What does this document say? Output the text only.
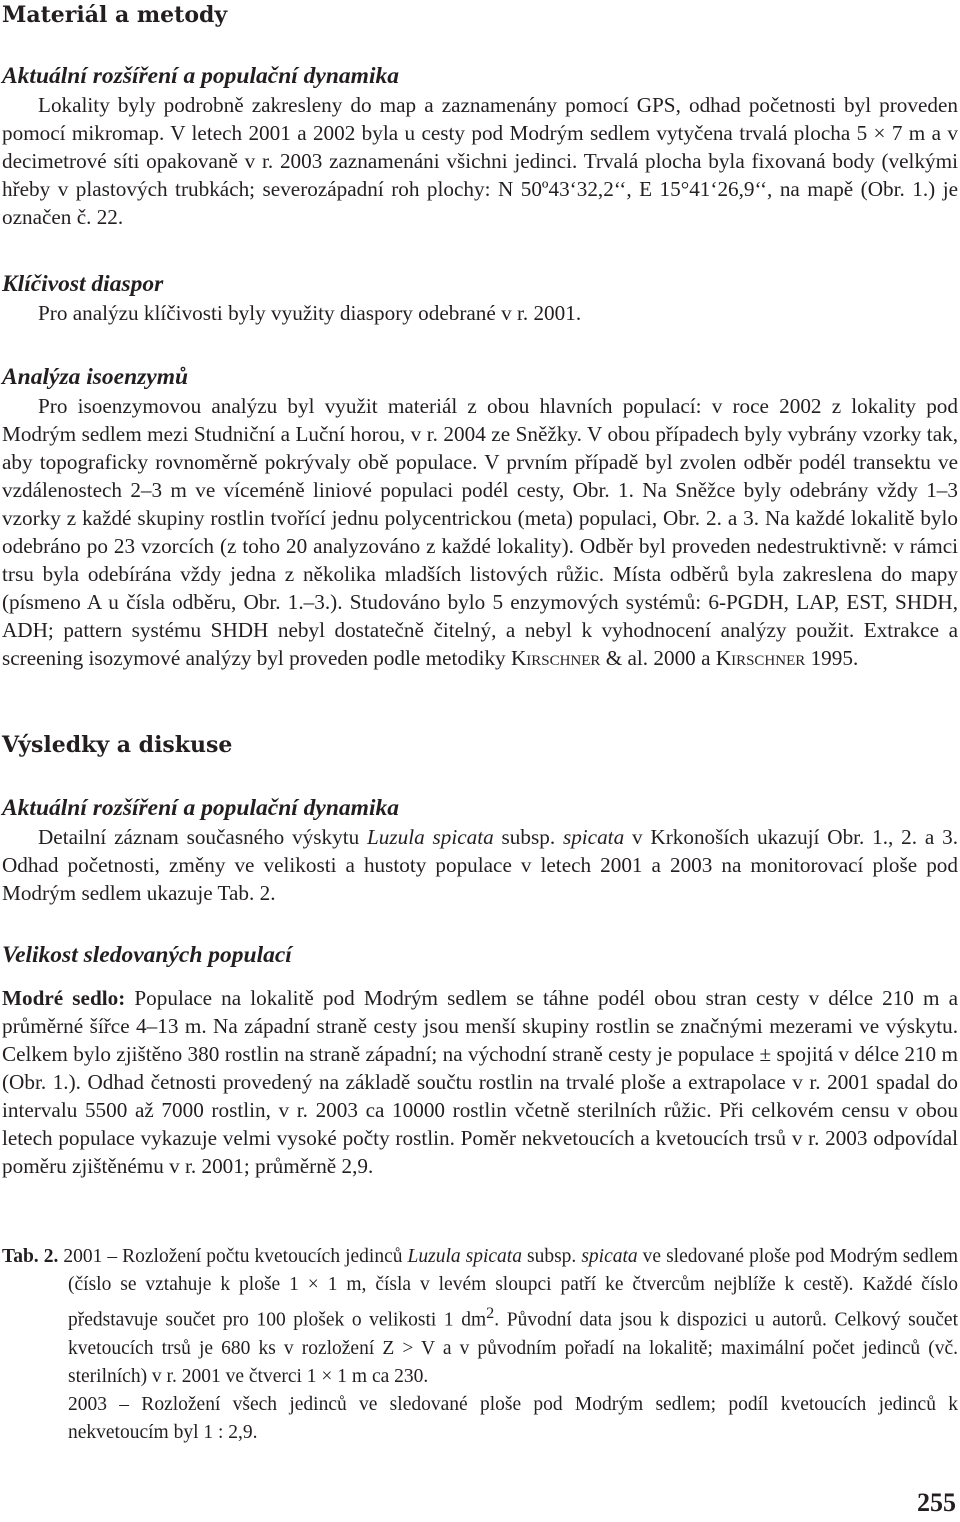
Materiál a metody
Aktuální rozšíření a populační dynamika

Lokality byly podrobně zakresleny do map a zaznamenány pomocí GPS, odhad početnosti byl proveden pomocí mikromap. V letech 2001 a 2002 byla u cesty pod Modrým sedlem vytyčena trvalá plocha 5 × 7 m a v decimetrové síti opakovaně v r. 2003 zaznamenáni všichni jedinci. Trvalá plocha byla fixovaná body (velkými hřeby v plastových trubkách; severozápadní roh plochy: N 50º43‘32,2‘‘, E 15°41‘26,9‘‘, na mapě (Obr. 1.) je označen č. 22.

Klíčivost diaspor

Pro analýzu klíčivosti byly využity diaspory odebrané v r. 2001.

Analýza isoenzymů

Pro isoenzymovou analýzu byl využit materiál z obou hlavních populací: v roce 2002 z lokality pod Modrým sedlem mezi Studniční a Luční horou, v r. 2004 ze Sněžky. V obou případech byly vybrány vzorky tak, aby topograficky rovnoměrně pokrývaly obě populace. V prvním případě byl zvolen odběr podél transektu ve vzdálenostech 2–3 m ve víceméně liniové populaci podél cesty, Obr. 1. Na Sněžce byly odebrány vždy 1–3 vzorky z každé skupiny rostlin tvořící jednu polycentrickou (meta) populaci, Obr. 2. a 3. Na každé lokalitě bylo odebráno po 23 vzorcích (z toho 20 analyzováno z každé lokality). Odběr byl proveden nedestruktivně: v rámci trsu byla odebírána vždy jedna z několika mladších listových růžic. Místa odběrů byla zakreslena do mapy (písmeno A u čísla odběru, Obr. 1.–3.). Studováno bylo 5 enzymových systémů: 6-PGDH, LAP, EST, SHDH, ADH; pattern systému SHDH nebyl dostatečně čitelný, a nebyl k vyhodnocení analýzy použit. Extrakce a screening isozymové analýzy byl proveden podle metodiky Kirschner & al. 2000 a Kirschner 1995.

Výsledky a diskuse
Aktuální rozšíření a populační dynamika

Detailní záznam současného výskytu Luzula spicata subsp. spicata v Krkonoších ukazují Obr. 1., 2. a 3. Odhad početnosti, změny ve velikosti a hustoty populace v letech 2001 a 2003 na monitorovací ploše pod Modrým sedlem ukazuje Tab. 2.

Velikost sledovaných populací

Modré sedlo: Populace na lokalitě pod Modrým sedlem se táhne podél obou stran cesty v délce 210 m a průměrné šířce 4–13 m. Na západní straně cesty jsou menší skupiny rostlin se značnými mezerami ve výskytu. Celkem bylo zjištěno 380 rostlin na straně západní; na východní straně cesty je populace ± spojitá v délce 210 m (Obr. 1.). Odhad četnosti provedený na základě součtu rostlin na trvalé ploše a extrapolace v r. 2001 spadal do intervalu 5500 až 7000 rostlin, v r. 2003 ca 10000 rostlin včetně sterilních růžic. Při celkovém censu v obou letech populace vykazuje velmi vysoké počty rostlin. Poměr nekvetoucích a kvetoucích trsů v r. 2003 odpovídal poměru zjištěnému v r. 2001; průměrně 2,9.

Tab. 2. 2001 – Rozložení počtu kvetoucích jedinců Luzula spicata subsp. spicata ve sledované ploše pod Modrým sedlem (číslo se vztahuje k ploše 1 × 1 m, čísla v levém sloupci patří ke čtvercům nejblíže k cestě). Každé číslo představuje součet pro 100 plošek o velikosti 1 $dm^2$. Původní data jsou k dispozici u autorů. Celkový součet kvetoucích trsů je 680 ks v rozložení Z > V a v původním pořadí na lokalitě; maximální počet jedinců (vč. sterilních) v r. 2001 ve čtverci 1 × 1 m ca 230.

2003 – Rozložení všech jedinců ve sledované ploše pod Modrým sedlem; podíl kvetoucích jedinců k nekvetoucím byl 1 : 2,9.

255
